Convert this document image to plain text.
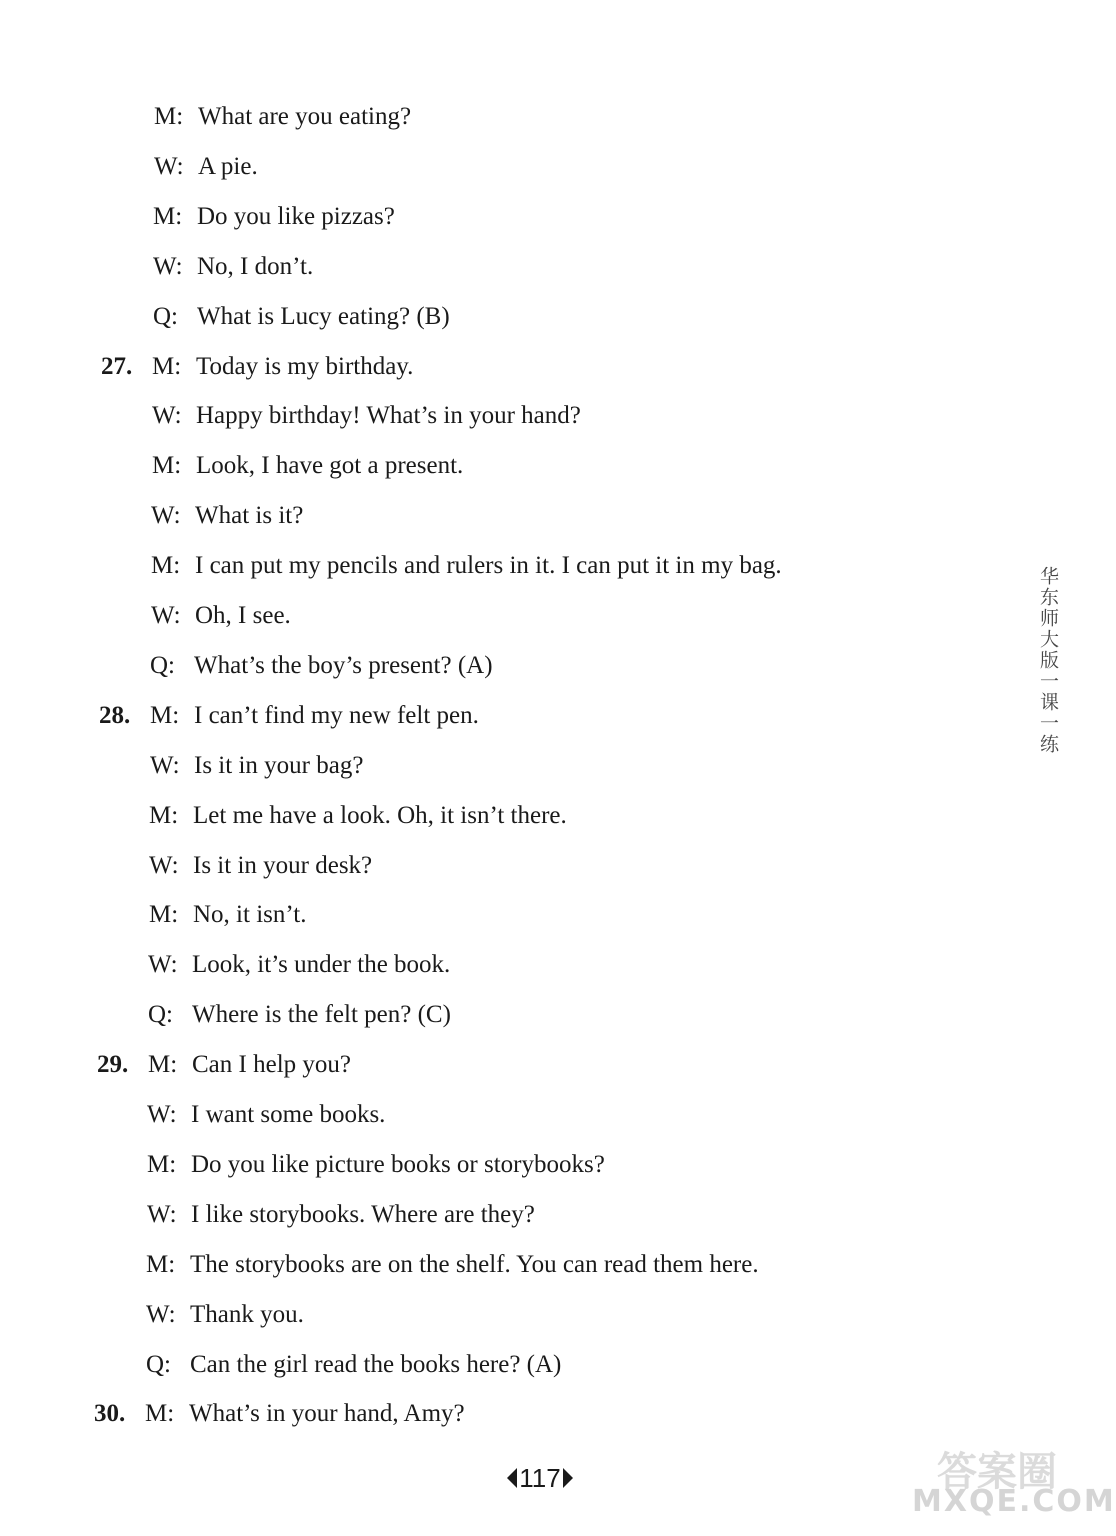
M: What are you eating?
W: A pie.
M: Do you like pizzas?
W: No, I don’t.
Q: What is Lucy eating? (B)
M: Today is my birthday.
27.
W: Happy birthday! What’s in your hand?
M: Look, I have got a present.
W: What is it?
M: I can put my pencils and rulers in it. I can put it in my bag.
W: Oh, I see.
Q: What’s the boy’s present? (A)
M: I can’t find my new felt pen.
28.
W: Is it in your bag?
M: Let me have a look. Oh, it isn’t there.
W: Is it in your desk?
M: No, it isn’t.
W: Look, it’s under the book.
Q: Where is the felt pen? (C)
M: Can I help you?
29.
W: I want some books.
M: Do you like picture books or storybooks?
W: I like storybooks. Where are they?
M: The storybooks are on the shelf. You can read them here.
W: Thank you.
Q: Can the girl read the books here? (A)
M: What’s in your hand, Amy?
30.
华东师大版一课一练
117	答案圈
MXQE.COM
